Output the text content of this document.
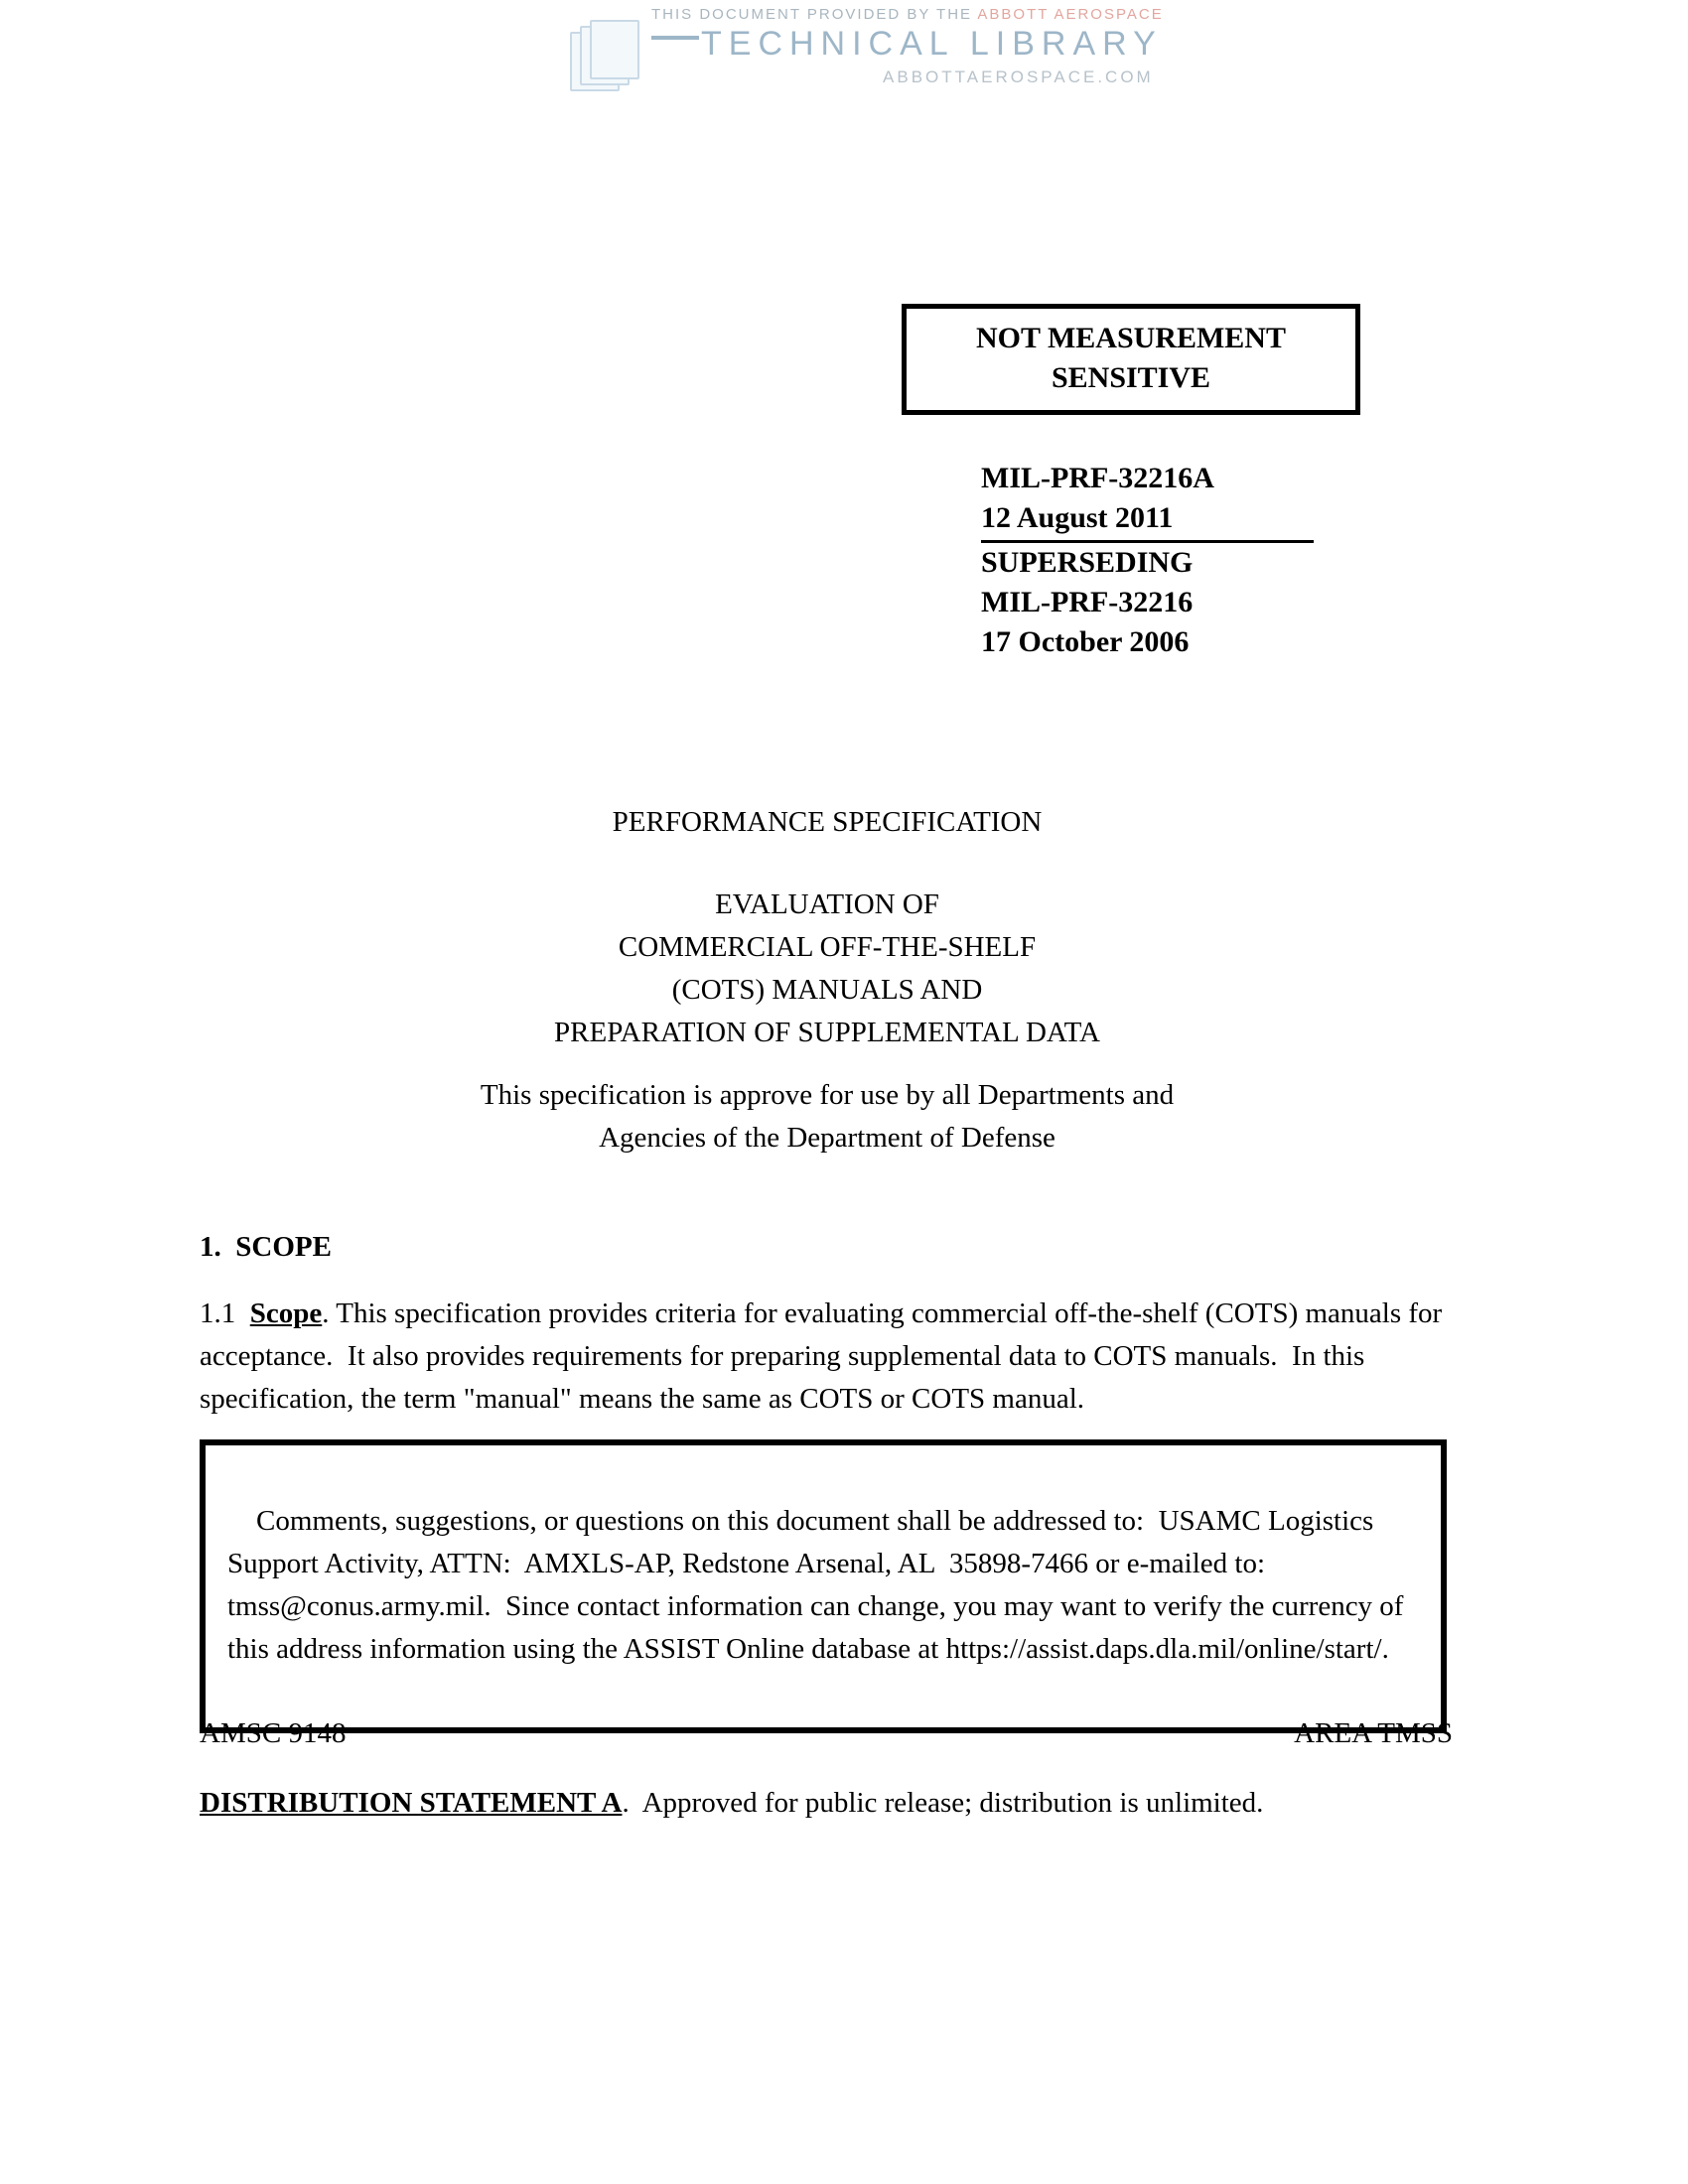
THIS DOCUMENT PROVIDED BY THE ABBOTT AEROSPACE
TECHNICAL LIBRARY
ABBOTTAEROSPACE.COM
NOT MEASUREMENT
SENSITIVE
MIL-PRF-32216A
12 August 2011
SUPERSEDING
MIL-PRF-32216
17 October 2006
PERFORMANCE SPECIFICATION
EVALUATION OF
COMMERCIAL OFF-THE-SHELF
(COTS) MANUALS AND
PREPARATION OF SUPPLEMENTAL DATA
This specification is approve for use by all Departments and
Agencies of the Department of Defense
1.  SCOPE
1.1  Scope. This specification provides criteria for evaluating commercial off-the-shelf (COTS) manuals for acceptance.  It also provides requirements for preparing supplemental data to COTS manuals.  In this specification, the term "manual" means the same as COTS or COTS manual.

Comments, suggestions, or questions on this document shall be addressed to:  USAMC Logistics Support Activity, ATTN:  AMXLS-AP, Redstone Arsenal, AL  35898-7466 or e-mailed to:  tmss@conus.army.mil.  Since contact information can change, you may want to verify the currency of this address information using the ASSIST Online database at https://assist.daps.dla.mil/online/start/.

AMSC 9148	AREA TMSS
DISTRIBUTION STATEMENT A.  Approved for public release; distribution is unlimited.
